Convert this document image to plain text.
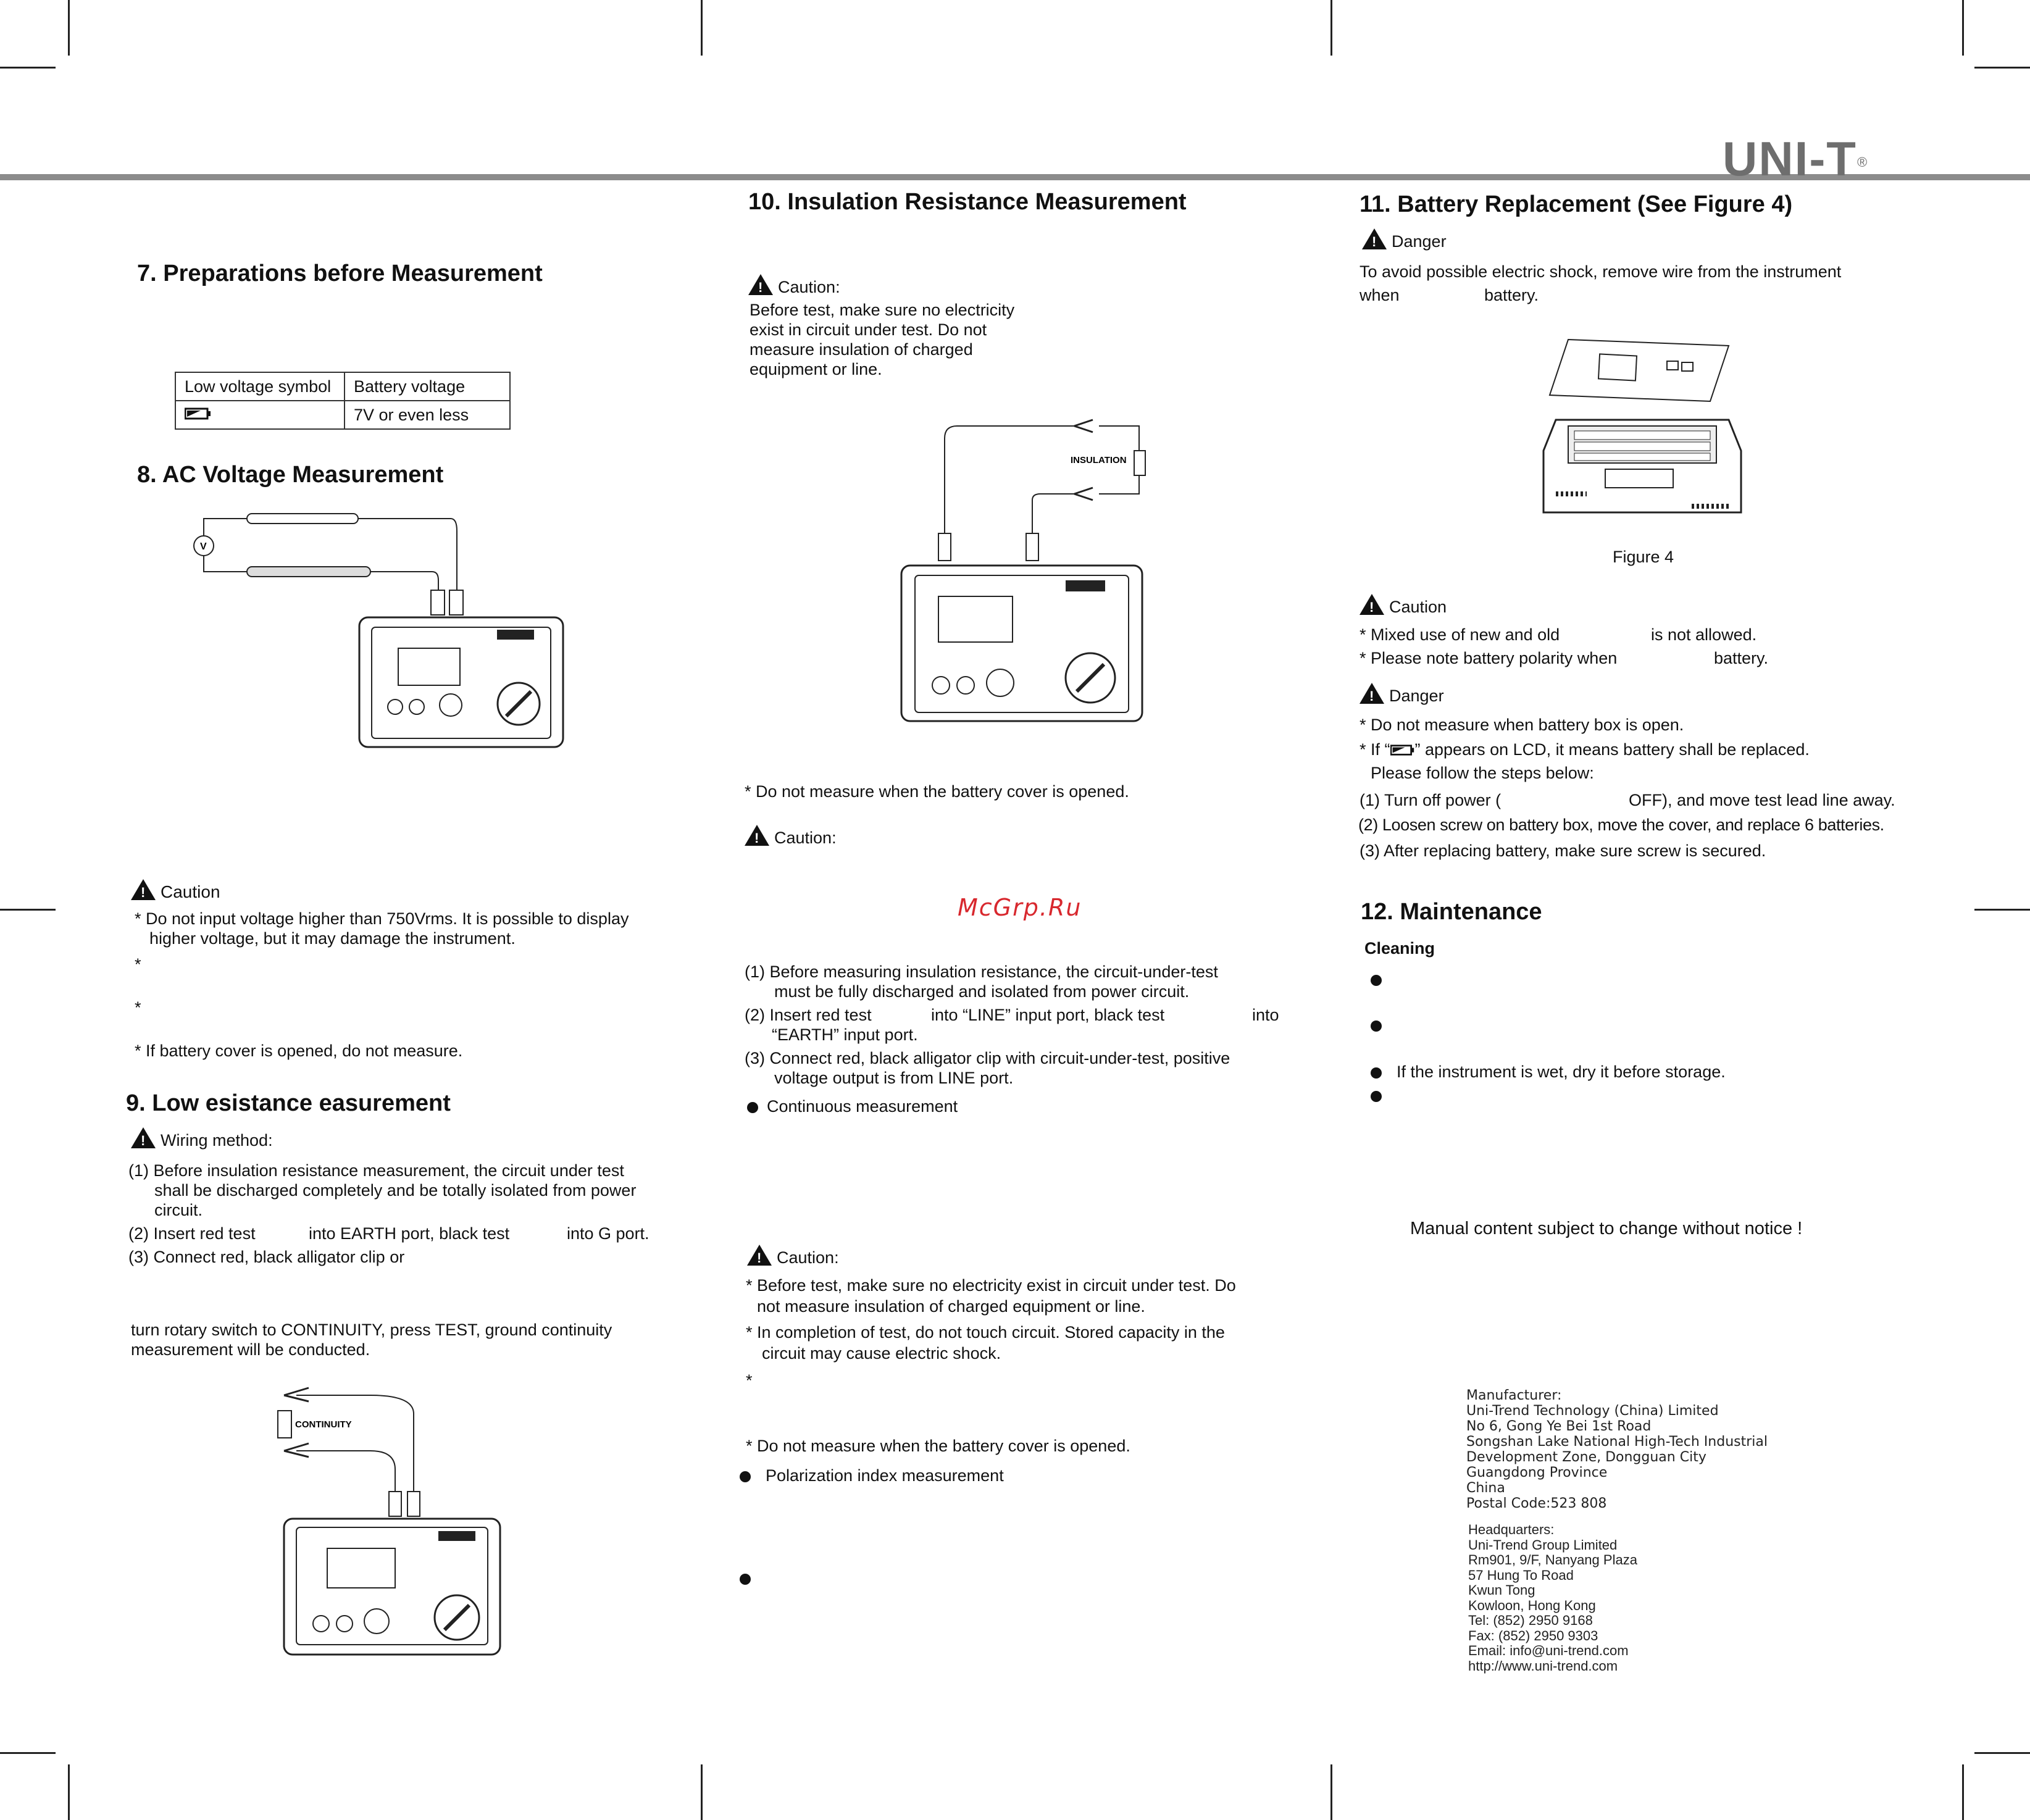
UNI-T®
7. Preparations before Measurement
Low voltage symbol	Battery voltage
	7V or even less
8. AC Voltage Measurement
V
!Caution
* Do not input voltage higher than 750Vrms. It is possible to display
higher voltage, but it may damage the instrument.
*
*
* If battery cover is opened, do not measure.
9. Low esistance easurement
!Wiring method:
(1) Before insulation resistance measurement, the circuit under test
shall be discharged completely and be totally isolated from power
circuit.
(2) Insert red test	into EARTH port, black test	into G port.
(3) Connect red, black alligator clip or
turn rotary switch to CONTINUITY, press TEST, ground continuity
measurement will be conducted.
CONTINUITY
10. Insulation Resistance Measurement
!Caution:
Before test, make sure no electricity
exist in circuit under test. Do not
measure insulation of charged
equipment or line.
INSULATION
* Do not measure when the battery cover is opened.
!Caution:
McGrp.Ru
(1) Before measuring insulation resistance, the circuit-under-test
must be fully discharged and isolated from power circuit.
(2) Insert red test	into “LINE” input port, black test	into
“EARTH” input port.
(3) Connect red, black alligator clip with circuit-under-test, positive
voltage output is from LINE port.
Continuous measurement
!Caution:
* Before test, make sure no electricity exist in circuit under test. Do
not measure insulation of charged equipment or line.
* In completion of test, do not touch circuit. Stored capacity in the
circuit may cause electric shock.
*
* Do not measure when the battery cover is opened.
Polarization index measurement
11. Battery Replacement (See Figure 4)
!Danger
To avoid possible electric shock, remove wire from the instrument
when	battery.
Figure 4
!Caution
* Mixed use of new and old	is not allowed.
* Please note battery polarity when	battery.
!Danger
* Do not measure when battery box is open.
* If “ ” appears on LCD, it means battery shall be replaced.
Please follow the steps below:
(1) Turn off power (	OFF), and move test lead line away.
(2) Loosen screw on battery box, move the cover, and replace 6 batteries.
(3) After replacing battery, make sure screw is secured.
12. Maintenance
Cleaning
If the instrument is wet, dry it before storage.
Manual content subject to change without notice !
Manufacturer:
Uni-Trend Technology (China) Limited
No 6, Gong Ye Bei 1st Road
Songshan Lake National High-Tech Industrial
Development Zone, Dongguan City
Guangdong Province
China
Postal Code:523 808
Headquarters:
Uni-Trend Group Limited
Rm901, 9/F, Nanyang Plaza
57 Hung To Road
Kwun Tong
Kowloon, Hong Kong
Tel: (852) 2950 9168
Fax: (852) 2950 9303
Email: info@uni-trend.com
http://www.uni-trend.com
